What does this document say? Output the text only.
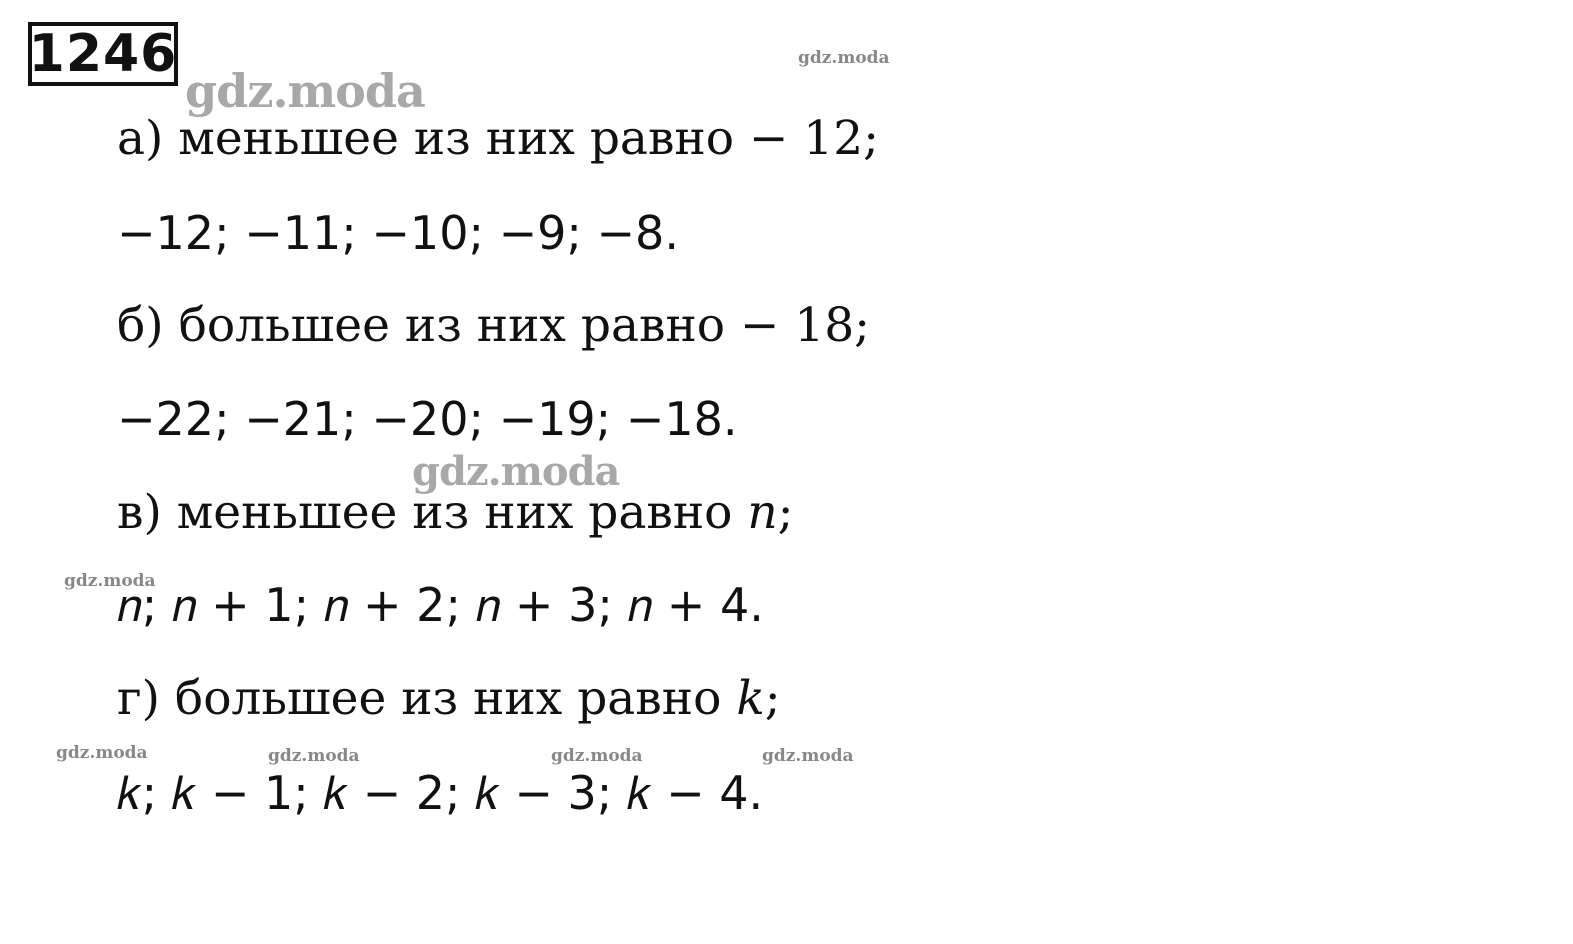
1246	gdz.moda
gdz.moda
gdz.moda
gdz.moda
gdz.moda	gdz.moda	gdz.moda	gdz.moda
а) меньшее из них равно − 12;
−12; −11; −10; −9; −8.
б) большее из них равно − 18;
−22; −21; −20; −19; −18.
в) меньшее из них равно 𝑛;
𝑛; 𝑛 + 1; 𝑛 + 2; 𝑛 + 3; 𝑛 + 4.
г) большее из них равно 𝑘;
𝑘; 𝑘 − 1; 𝑘 − 2; 𝑘 − 3; 𝑘 − 4.
